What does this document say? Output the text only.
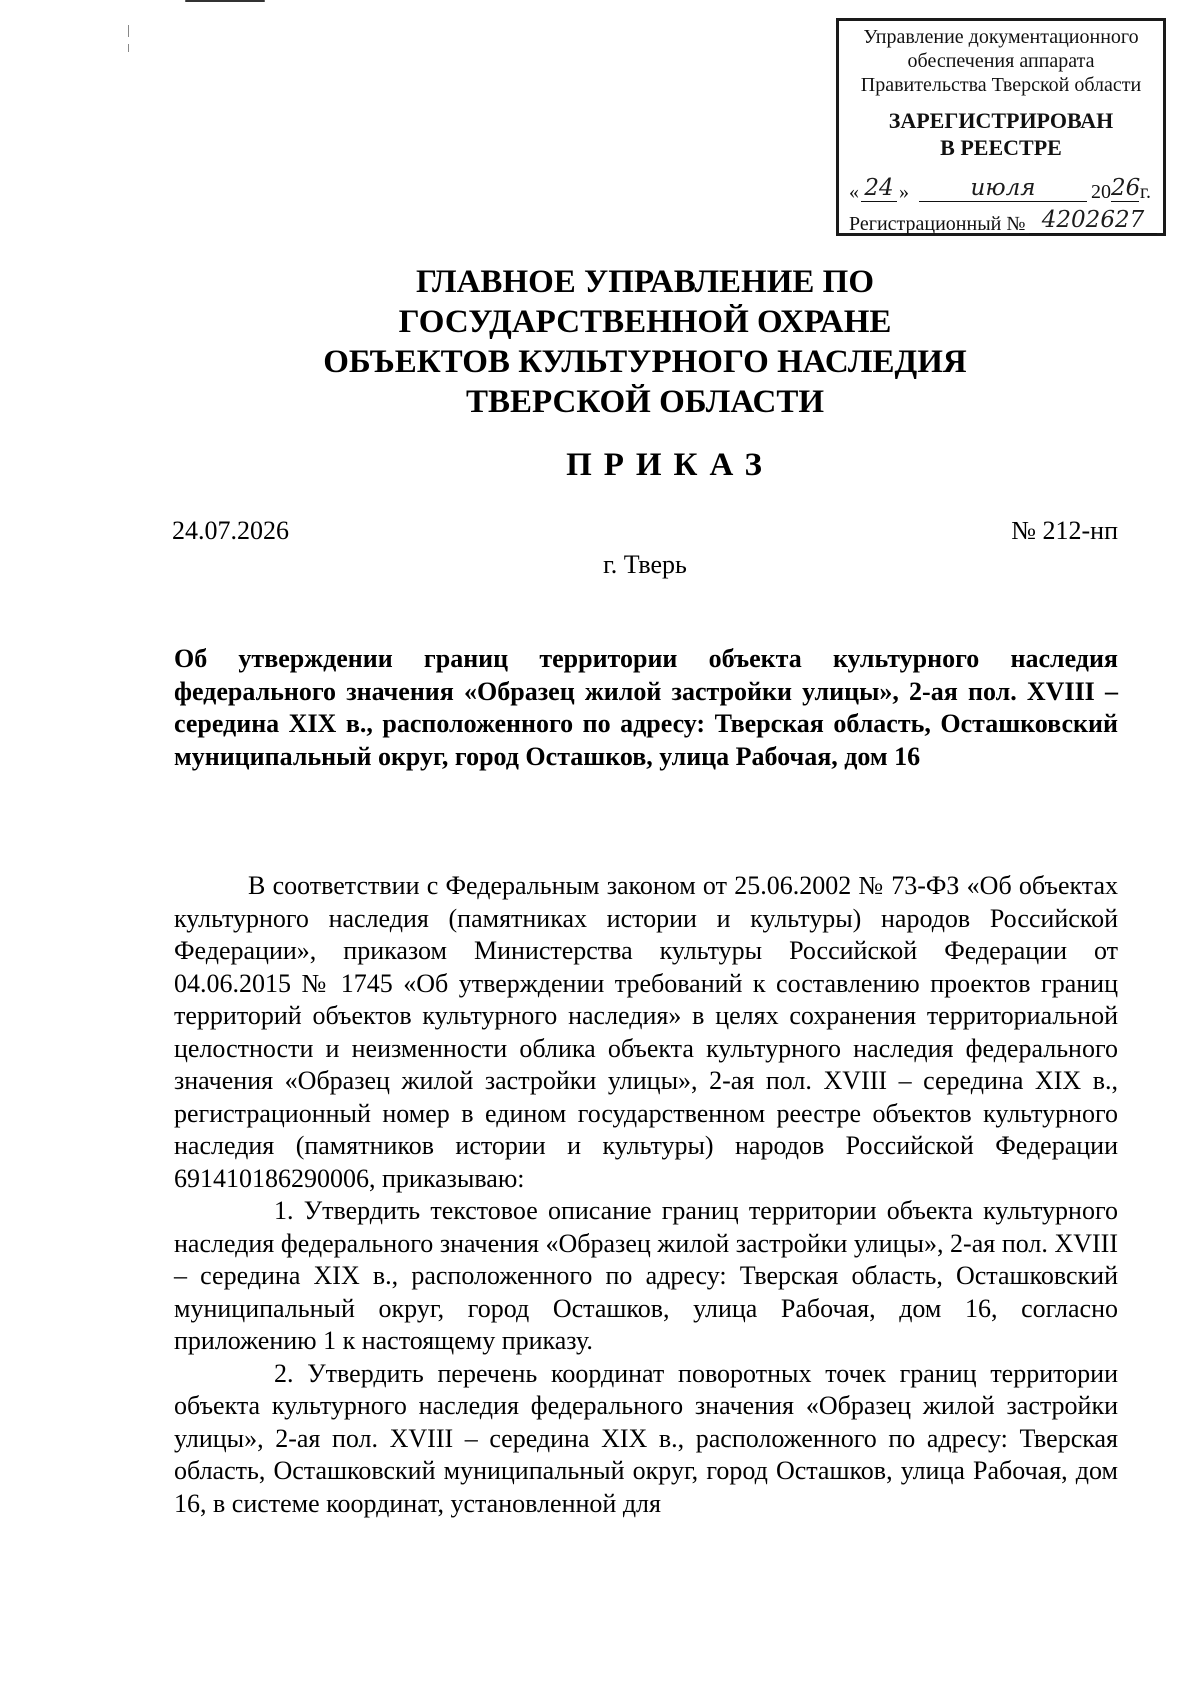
Управление документационного
обеспечения аппарата
Правительства Тверской области
ЗАРЕГИСТРИРОВАН
В РЕЕСТРЕ
« 24 »	июля	20 26 г.
Регистрационный № 4202627
ГЛАВНОЕ УПРАВЛЕНИЕ ПО
ГОСУДАРСТВЕННОЙ ОХРАНЕ
ОБЪЕКТОВ КУЛЬТУРНОГО НАСЛЕДИЯ
ТВЕРСКОЙ ОБЛАСТИ
ПРИКАЗ
24.07.2026	№ 212-нп
г. Тверь
Об утверждении границ территории объекта культурного наследия федерального значения «Образец жилой застройки улицы», 2-ая пол. XVIII – середина XIX в., расположенного по адресу: Тверская область, Осташковский муниципальный округ, город Осташков, улица Рабочая, дом 16

В соответствии с Федеральным законом от 25.06.2002 № 73-ФЗ «Об объектах культурного наследия (памятниках истории и культуры) народов Российской Федерации», приказом Министерства культуры Российской Федерации от 04.06.2015 № 1745 «Об утверждении требований к составлению проектов границ территорий объектов культурного наследия» в целях сохранения территориальной целостности и неизменности облика объекта культурного наследия федерального значения «Образец жилой застройки улицы», 2-ая пол. XVIII – середина XIX в., регистрационный номер в едином государственном реестре объектов культурного наследия (памятников истории и культуры) народов Российской Федерации 691410186290006, приказываю:

1. Утвердить текстовое описание границ территории объекта культурного наследия федерального значения «Образец жилой застройки улицы», 2-ая пол. XVIII – середина XIX в., расположенного по адресу: Тверская область, Осташковский муниципальный округ, город Осташков, улица Рабочая, дом 16, согласно приложению 1 к настоящему приказу.

2. Утвердить перечень координат поворотных точек границ территории объекта культурного наследия федерального значения «Образец жилой застройки улицы», 2-ая пол. XVIII – середина XIX в., расположенного по адресу: Тверская область, Осташковский муниципальный округ, город Осташков, улица Рабочая, дом 16, в системе координат, установленной для
